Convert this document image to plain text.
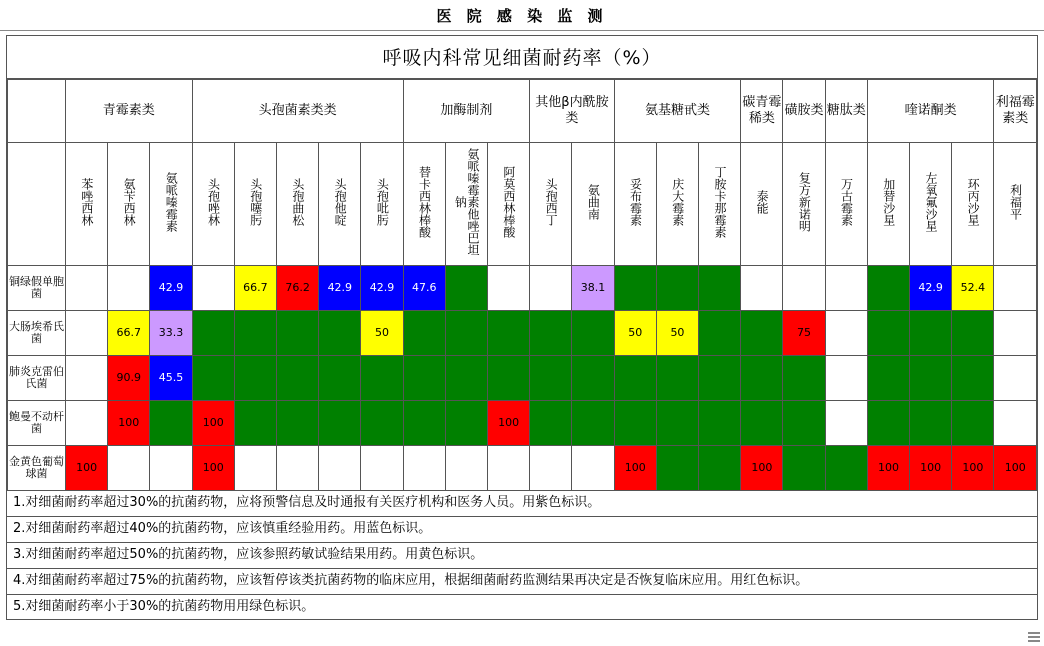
医 院 感 染 监 测
呼吸内科常见细菌耐药率（%）
	青霉素类			头孢菌素类类					加酶制剂			其他β内酰胺类		氨基糖甙类			碳青霉稀类	磺胺类	糖肽类	喹诺酮类			利福霉素类
	苯唑西林	氨苄西林	氨哌嗪霉素	头孢唑林	头孢噻肟	头孢曲松	头孢他啶	头孢吡肟	替卡西林棒酸	氨哌嗪霉素他唑巴坦钠	阿莫西林棒酸	头孢西丁	氨曲南	妥布霉素	庆大霉素	丁胺卡那霉素	泰能	复方新诺明	万古霉素	加替沙星	左氧氟沙星	环丙沙星	利福平
铜绿假单胞菌			42.9		66.7	76.2	42.9	42.9	47.6	28.6			38.1	4.8	23.8	19.0				25	42.9	52.4	
大肠埃希氏菌		66.7	33.3	0	0	0	0	50	0	0	0	0	0	50	50	0	0	75		25	0	25	
肺炎克雷伯氏菌		90.9	45.5	0	0	0	0	0	0	0	0	0	0	0	0	0	0	8.3		8.3	8.3	8.3	
鲍曼不动杆菌		100	16.7	100	0	0	0	16.7	0	0	100	0	0	0	0	0	0	0		0	0	0	
金黄色葡萄球菌	100			100										100	0	0	100	20	0	100	100	100	100
1.对细菌耐药率超过30%的抗菌药物，应将预警信息及时通报有关医疗机构和医务人员。用紫色标识。
2.对细菌耐药率超过40%的抗菌药物，应该慎重经验用药。用蓝色标识。
3.对细菌耐药率超过50%的抗菌药物，应该参照药敏试验结果用药。用黄色标识。
4.对细菌耐药率超过75%的抗菌药物，应该暂停该类抗菌药物的临床应用，根据细菌耐药监测结果再决定是否恢复临床应用。用红色标识。
5.对细菌耐药率小于30%的抗菌药物用用绿色标识。
